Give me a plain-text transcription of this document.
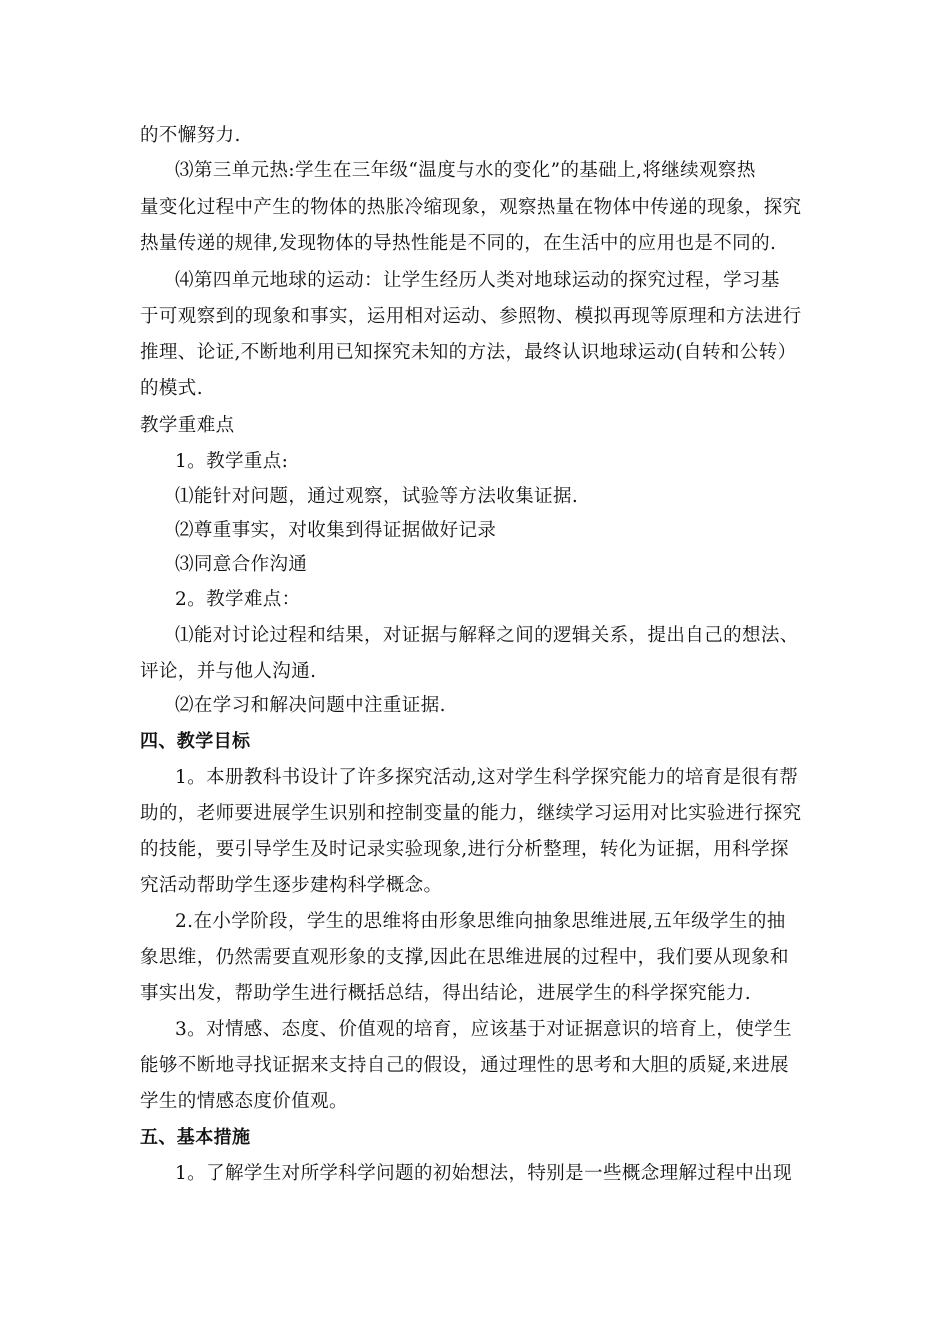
的不懈努力.
⑶第三单元热:学生在三年级“温度与水的变化”的基础上,将继续观察热
量变化过程中产生的物体的热胀冷缩现象，观察热量在物体中传递的现象，探究
热量传递的规律,发现物体的导热性能是不同的，在生活中的应用也是不同的.
⑷第四单元地球的运动：让学生经历人类对地球运动的探究过程，学习基
于可观察到的现象和事实，运用相对运动、参照物、模拟再现等原理和方法进行
推理、论证,不断地利用已知探究未知的方法，最终认识地球运动(自转和公转）
的模式.
教学重难点
1。教学重点:
⑴能针对问题，通过观察，试验等方法收集证据.
⑵尊重事实，对收集到得证据做好记录
⑶同意合作沟通
2。教学难点：
⑴能对讨论过程和结果，对证据与解释之间的逻辑关系，提出自己的想法、
评论，并与他人沟通.
⑵在学习和解决问题中注重证据.
四、教学目标
1。本册教科书设计了许多探究活动,这对学生科学探究能力的培育是很有帮
助的，老师要进展学生识别和控制变量的能力，继续学习运用对比实验进行探究
的技能，要引导学生及时记录实验现象,进行分析整理，转化为证据，用科学探
究活动帮助学生逐步建构科学概念。
2.在小学阶段，学生的思维将由形象思维向抽象思维进展,五年级学生的抽
象思维，仍然需要直观形象的支撑,因此在思维进展的过程中，我们要从现象和
事实出发，帮助学生进行概括总结，得出结论，进展学生的科学探究能力.
3。对情感、态度、价值观的培育，应该基于对证据意识的培育上，使学生
能够不断地寻找证据来支持自己的假设，通过理性的思考和大胆的质疑,来进展
学生的情感态度价值观。
五、基本措施
1。了解学生对所学科学问题的初始想法，特别是一些概念理解过程中出现
